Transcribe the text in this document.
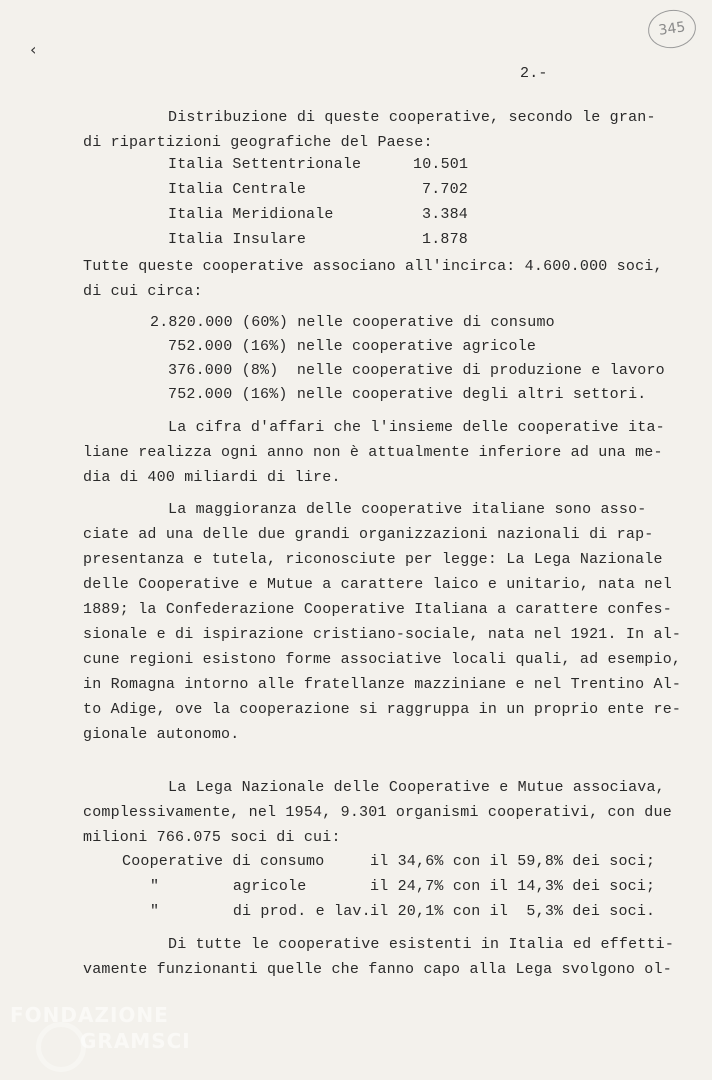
‹
345
2.-
Distribuzione di queste cooperative, secondo le gran-
di ripartizioni geografiche del Paese:
Italia Settentrionale	10.501
Italia Centrale	7.702
Italia Meridionale	3.384
Italia Insulare	1.878
Tutte queste cooperative associano all'incirca: 4.600.000 soci,
di cui circa:
2.820.000 (60%) nelle cooperative di consumo
752.000 (16%) nelle cooperative agricole
376.000 (8%)  nelle cooperative di produzione e lavoro
752.000 (16%) nelle cooperative degli altri settori.
La cifra d'affari che l'insieme delle cooperative ita-
liane realizza ogni anno non è attualmente inferiore ad una me-
dia di 400 miliardi di lire.
La maggioranza delle cooperative italiane sono asso-
ciate ad una delle due grandi organizzazioni nazionali di rap-
presentanza e tutela, riconosciute per legge: La Lega Nazionale
delle Cooperative e Mutue a carattere laico e unitario, nata nel
1889; la Confederazione Cooperative Italiana a carattere confes-
sionale e di ispirazione cristiano-sociale, nata nel 1921. In al-
cune regioni esistono forme associative locali quali, ad esempio,
in Romagna intorno alle fratellanze mazziniane e nel Trentino Al-
to Adige, ove la cooperazione si raggruppa in un proprio ente re-
gionale autonomo.
La Lega Nazionale delle Cooperative e Mutue associava,
complessivamente, nel 1954, 9.301 organismi cooperativi, con due
milioni 766.075 soci di cui:
Cooperative di consumo	il 34,6% con il 59,8% dei soci;
"        agricole	il 24,7% con il 14,3% dei soci;
"        di prod. e lav. il 20,1% con il  5,3% dei soci.
Di tutte le cooperative esistenti in Italia ed effetti-
vamente funzionanti quelle che fanno capo alla Lega svolgono ol-
FONDAZIONE
GRAMSCI
